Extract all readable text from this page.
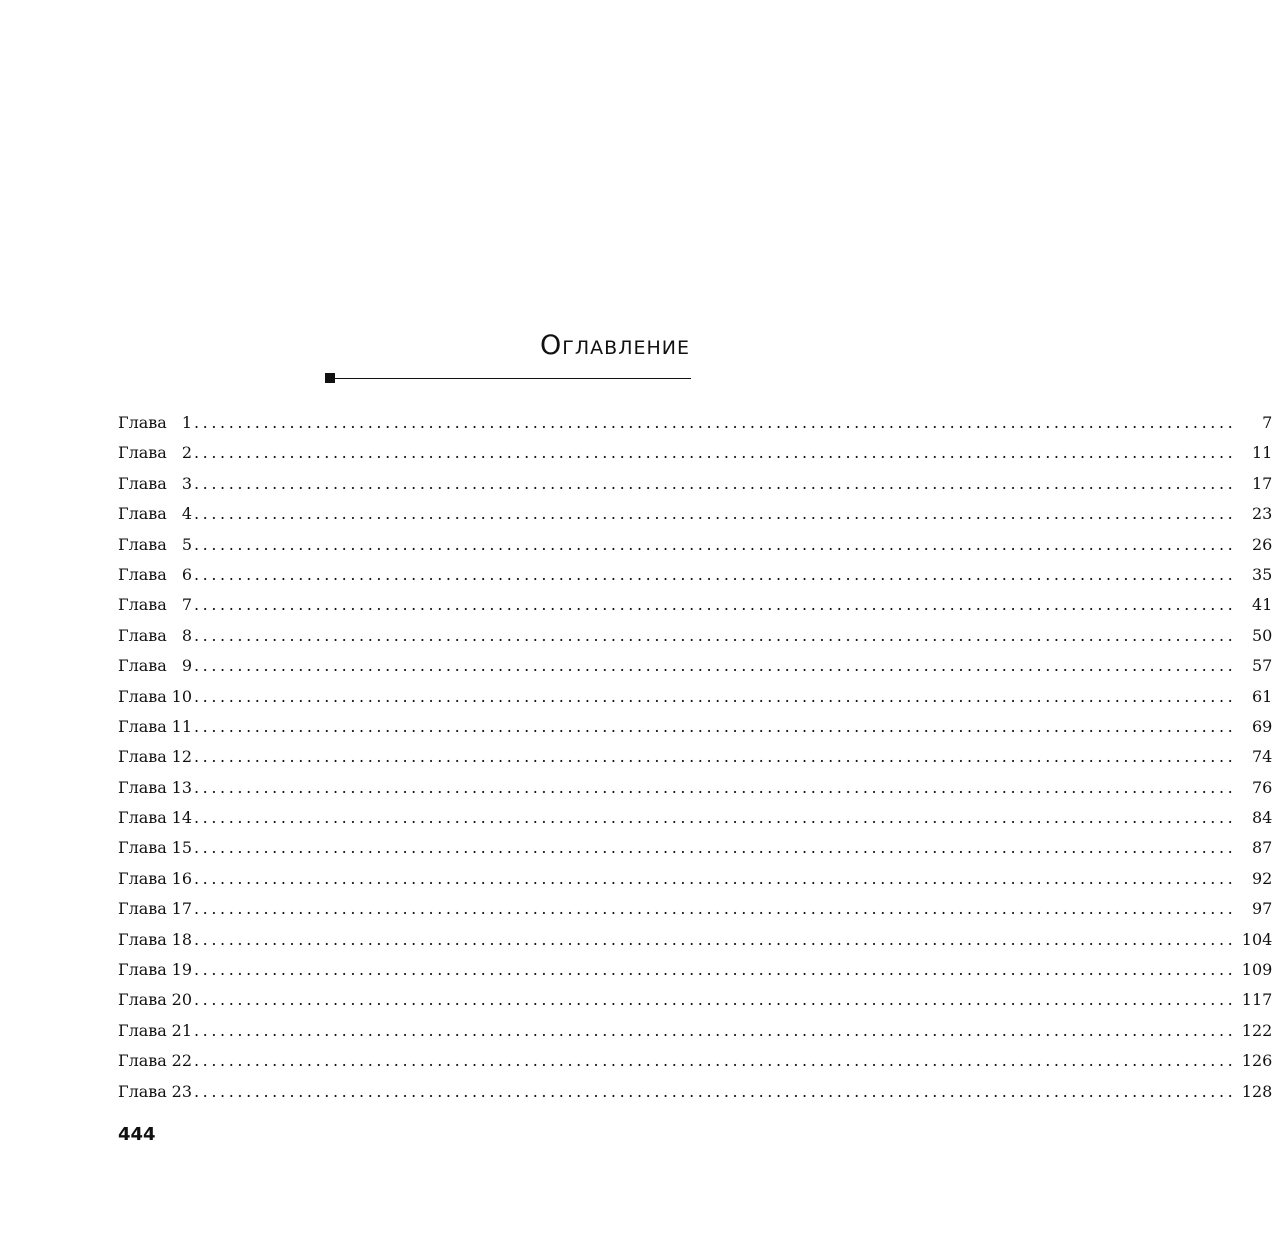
Оглавление
Глава 1 ........................................................................................................................	7
Глава 2 ........................................................................................................................ 11
Глава 3 ........................................................................................................................ 17
Глава 4 ........................................................................................................................ 23
Глава 5 ........................................................................................................................ 26
Глава 6 ........................................................................................................................ 35
Глава 7 ........................................................................................................................ 41
Глава 8 ........................................................................................................................ 50
Глава 9 ........................................................................................................................ 57
Глава 10 ........................................................................................................................ 61
Глава 11 ........................................................................................................................ 69
Глава 12 ........................................................................................................................ 74
Глава 13 ........................................................................................................................ 76
Глава 14 ........................................................................................................................ 84
Глава 15 ........................................................................................................................ 87
Глава 16 ........................................................................................................................ 92
Глава 17 ........................................................................................................................ 97
Глава 18 ........................................................................................................................ 104
Глава 19 ........................................................................................................................ 109
Глава 20 ........................................................................................................................ 117
Глава 21 ........................................................................................................................ 122
Глава 22 ........................................................................................................................ 126
Глава 23 ........................................................................................................................ 128
444
